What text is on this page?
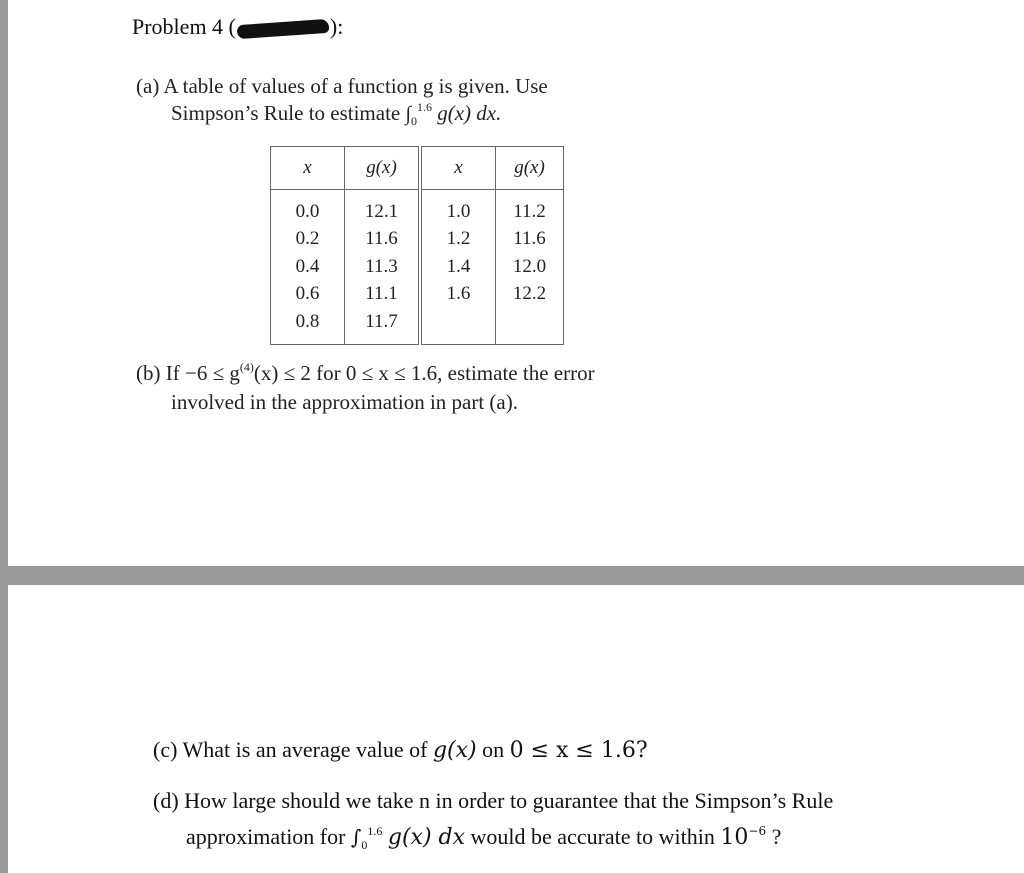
Problem 4 (	):
(a) A table of values of a function g is given. Use
Simpson’s Rule to estimate $\int_0^{1.6}$ g(x) dx.
x	g(x)	x	g(x)
0.0	12.1	1.0	11.2
0.2	11.6	1.2	11.6
0.4	11.3	1.4	12.0
0.6	11.1	1.6	12.2
0.8	11.7		
(b) $If -6 \le g^{(4)}(x) \le 2$ for 0 ≤ x ≤ 1.6, estimate the error
involved in the approximation in part (a).
(c) What is an average value of g(x) on 0 ≤ x ≤ 1.6?
(d) How large should we take n in order to guarantee that the Simpson’s Rule
approximation for $\int_0^{1.6}$ g(x) dx would be accurate to within $10^{-6}$ ?
